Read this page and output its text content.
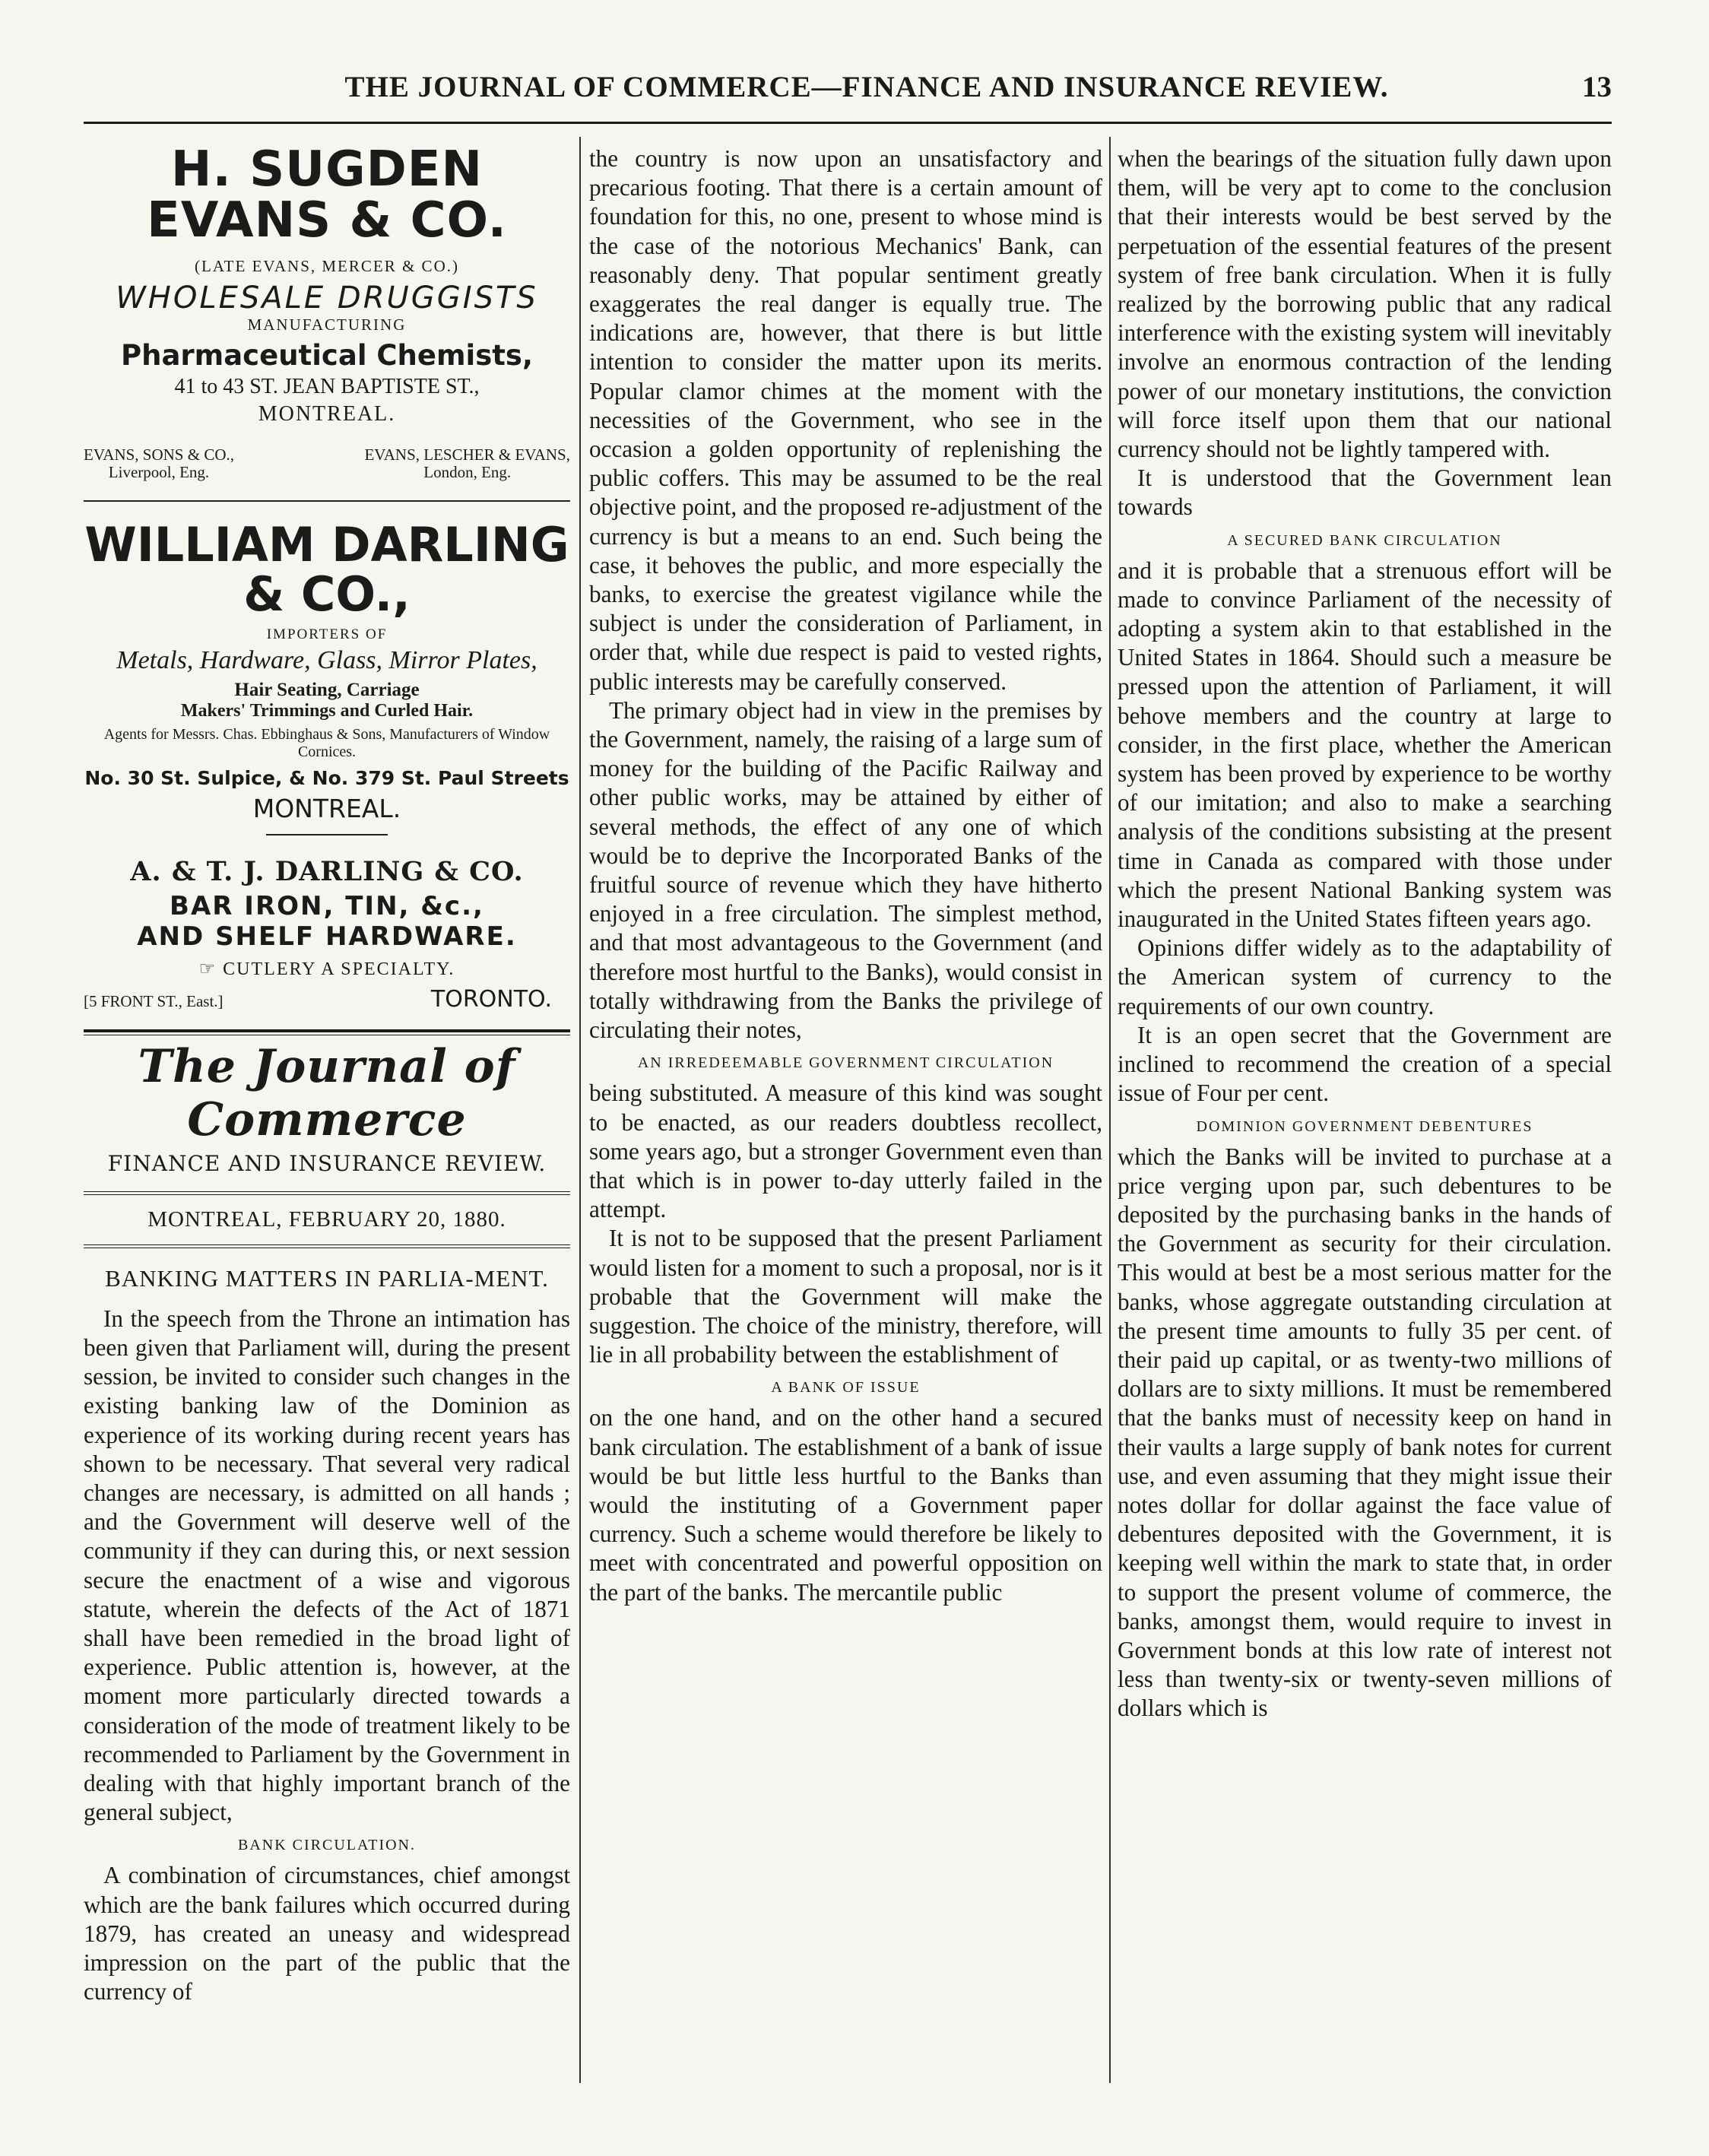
THE JOURNAL OF COMMERCE—FINANCE AND INSURANCE REVIEW.	13
H. SUGDEN EVANS & CO.
(LATE EVANS, MERCER & CO.)
WHOLESALE DRUGGISTS
MANUFACTURING
Pharmaceutical Chemists,
41 to 43 ST. JEAN BAPTISTE ST.,
MONTREAL.
EVANS, SONS & CO.,
Liverpool, Eng.
EVANS, LESCHER & EVANS,
London, Eng.
WILLIAM DARLING & CO.,
IMPORTERS OF
Metals, Hardware, Glass, Mirror Plates,
Hair Seating, Carriage
Makers' Trimmings and Curled Hair.
Agents for Messrs. Chas. Ebbinghaus & Sons, Manufacturers of Window Cornices.
No. 30 St. Sulpice, & No. 379 St. Paul Streets
MONTREAL.
A. & T. J. DARLING & CO.
BAR IRON, TIN, &c.,
AND SHELF HARDWARE.
☞ CUTLERY A SPECIALTY.
[5 FRONT ST., East.]	TORONTO.
The Journal of Commerce
FINANCE AND INSURANCE REVIEW.
MONTREAL, FEBRUARY 20, 1880.
BANKING MATTERS IN PARLIA-MENT.
In the speech from the Throne an intimation has been given that Parliament will, during the present session, be invited to consider such changes in the existing banking law of the Dominion as experience of its working during recent years has shown to be necessary. That several very radical changes are necessary, is admitted on all hands ; and the Government will deserve well of the community if they can during this, or next session secure the enactment of a wise and vigorous statute, wherein the defects of the Act of 1871 shall have been remedied in the broad light of experience. Public attention is, however, at the moment more particularly directed towards a consideration of the mode of treatment likely to be recommended to Parliament by the Government in dealing with that highly important branch of the general subject,
BANK CIRCULATION.
A combination of circumstances, chief amongst which are the bank failures which occurred during 1879, has created an uneasy and widespread impression on the part of the public that the currency of
the country is now upon an unsatisfactory and precarious footing. That there is a certain amount of foundation for this, no one, present to whose mind is the case of the notorious Mechanics' Bank, can reasonably deny. That popular sentiment greatly exaggerates the real danger is equally true. The indications are, however, that there is but little intention to consider the matter upon its merits. Popular clamor chimes at the moment with the necessities of the Government, who see in the occasion a golden opportunity of replenishing the public coffers. This may be assumed to be the real objective point, and the proposed re-adjustment of the currency is but a means to an end. Such being the case, it behoves the public, and more especially the banks, to exercise the greatest vigilance while the subject is under the consideration of Parliament, in order that, while due respect is paid to vested rights, public interests may be carefully conserved.
The primary object had in view in the premises by the Government, namely, the raising of a large sum of money for the building of the Pacific Railway and other public works, may be attained by either of several methods, the effect of any one of which would be to deprive the Incorporated Banks of the fruitful source of revenue which they have hitherto enjoyed in a free circulation. The simplest method, and that most advantageous to the Government (and therefore most hurtful to the Banks), would consist in totally withdrawing from the Banks the privilege of circulating their notes,
AN IRREDEEMABLE GOVERNMENT CIRCULATION
being substituted. A measure of this kind was sought to be enacted, as our readers doubtless recollect, some years ago, but a stronger Government even than that which is in power to-day utterly failed in the attempt.
It is not to be supposed that the present Parliament would listen for a moment to such a proposal, nor is it probable that the Government will make the suggestion. The choice of the ministry, therefore, will lie in all probability between the establishment of
A BANK OF ISSUE
on the one hand, and on the other hand a secured bank circulation. The establishment of a bank of issue would be but little less hurtful to the Banks than would the instituting of a Government paper currency. Such a scheme would therefore be likely to meet with concentrated and powerful opposition on the part of the banks. The mercantile public
when the bearings of the situation fully dawn upon them, will be very apt to come to the conclusion that their interests would be best served by the perpetuation of the essential features of the present system of free bank circulation. When it is fully realized by the borrowing public that any radical interference with the existing system will inevitably involve an enormous contraction of the lending power of our monetary institutions, the conviction will force itself upon them that our national currency should not be lightly tampered with.
It is understood that the Government lean towards
A SECURED BANK CIRCULATION
and it is probable that a strenuous effort will be made to convince Parliament of the necessity of adopting a system akin to that established in the United States in 1864. Should such a measure be pressed upon the attention of Parliament, it will behove members and the country at large to consider, in the first place, whether the American system has been proved by experience to be worthy of our imitation; and also to make a searching analysis of the conditions subsisting at the present time in Canada as compared with those under which the present National Banking system was inaugurated in the United States fifteen years ago.
Opinions differ widely as to the adaptability of the American system of currency to the requirements of our own country.
It is an open secret that the Government are inclined to recommend the creation of a special issue of Four per cent.
DOMINION GOVERNMENT DEBENTURES
which the Banks will be invited to purchase at a price verging upon par, such debentures to be deposited by the purchasing banks in the hands of the Government as security for their circulation. This would at best be a most serious matter for the banks, whose aggregate outstanding circulation at the present time amounts to fully 35 per cent. of their paid up capital, or as twenty-two millions of dollars are to sixty millions. It must be remembered that the banks must of necessity keep on hand in their vaults a large supply of bank notes for current use, and even assuming that they might issue their notes dollar for dollar against the face value of debentures deposited with the Government, it is keeping well within the mark to state that, in order to support the present volume of commerce, the banks, amongst them, would require to invest in Government bonds at this low rate of interest not less than twenty-six or twenty-seven millions of dollars which is
